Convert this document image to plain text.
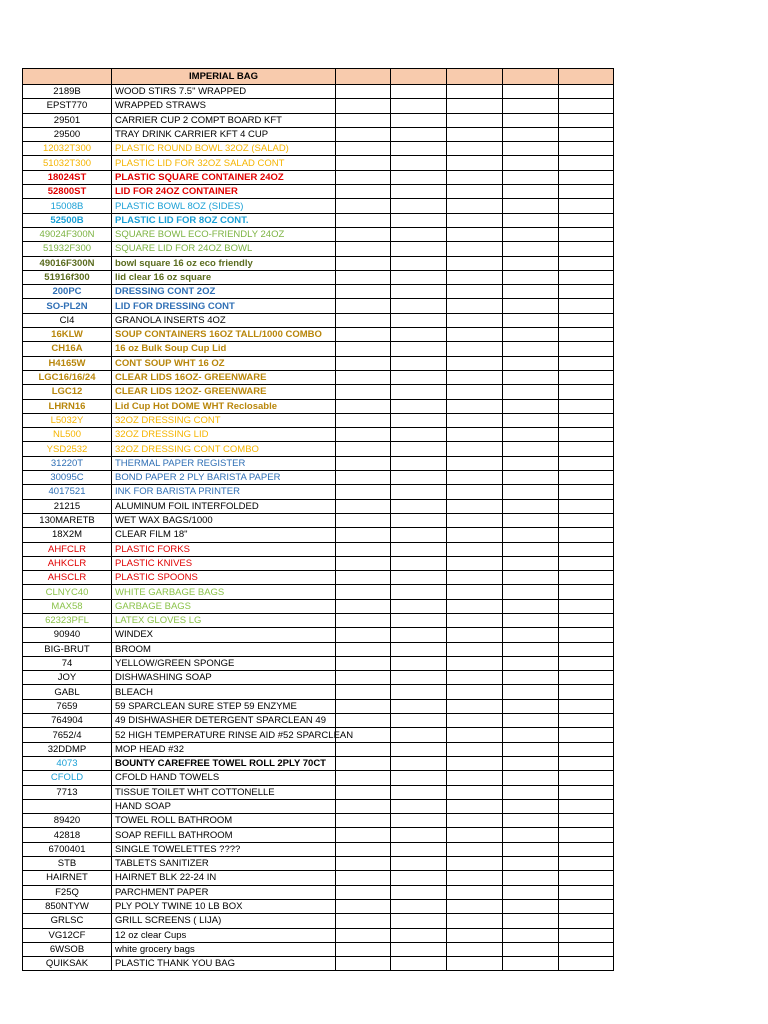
	IMPERIAL BAG					
2189B	WOOD STIRS 7.5" WRAPPED					
EPST770	WRAPPED STRAWS					
29501	CARRIER CUP 2 COMPT BOARD KFT					
29500	TRAY DRINK CARRIER KFT 4 CUP					
12032T300	PLASTIC ROUND BOWL 32OZ (SALAD)					
51032T300	PLASTIC LID FOR 32OZ SALAD CONT					
18024ST	PLASTIC SQUARE CONTAINER 24OZ					
52800ST	LID FOR 24OZ CONTAINER					
15008B	PLASTIC BOWL 8OZ (SIDES)					
52500B	PLASTIC LID FOR 8OZ CONT.					
49024F300N	SQUARE BOWL ECO-FRIENDLY 24OZ					
51932F300	SQUARE LID FOR 24OZ BOWL					
49016F300N	bowl square 16 oz eco friendly					
51916f300	lid clear 16 oz square					
200PC	DRESSING CONT 2OZ					
SO-PL2N	LID FOR DRESSING CONT					
CI4	GRANOLA INSERTS 4OZ					
16KLW	SOUP CONTAINERS 16OZ TALL/1000 COMBO					
CH16A	16 oz Bulk Soup Cup Lid					
H4165W	CONT SOUP WHT 16 OZ					
LGC16/16/24	CLEAR LIDS 16OZ- GREENWARE					
LGC12	CLEAR LIDS 12OZ- GREENWARE					
LHRN16	Lid Cup Hot DOME WHT Reclosable					
L5032Y	32OZ DRESSING CONT					
NL500	32OZ DRESSING LID					
YSD2532	32OZ DRESSING CONT COMBO					
31220T	THERMAL PAPER REGISTER					
30095C	BOND PAPER 2 PLY BARISTA PAPER					
4017521	INK FOR BARISTA PRINTER					
21215	ALUMINUM FOIL INTERFOLDED					
130MARETB	WET WAX BAGS/1000					
18X2M	CLEAR FILM 18"					
AHFCLR	PLASTIC FORKS					
AHKCLR	PLASTIC KNIVES					
AHSCLR	PLASTIC SPOONS					
CLNYC40	WHITE GARBAGE BAGS					
MAX58	GARBAGE BAGS					
62323PFL	LATEX GLOVES LG					
90940	WINDEX					
BIG-BRUT	BROOM					
74	YELLOW/GREEN SPONGE					
JOY	DISHWASHING SOAP					
GABL	BLEACH					
7659	59 SPARCLEAN SURE STEP 59 ENZYME					
764904	49 DISHWASHER DETERGENT SPARCLEAN 49					
7652/4	52 HIGH TEMPERATURE RINSE AID #52 SPARCLEAN					
32DDMP	MOP HEAD #32					
4073	BOUNTY CAREFREE TOWEL ROLL 2PLY 70CT					
CFOLD	CFOLD HAND TOWELS					
7713	TISSUE TOILET WHT COTTONELLE					
	HAND SOAP					
89420	TOWEL ROLL BATHROOM					
42818	SOAP REFILL BATHROOM					
6700401	SINGLE TOWELETTES ????					
STB	TABLETS SANITIZER					
HAIRNET	HAIRNET BLK 22-24 IN					
F25Q	PARCHMENT PAPER					
850NTYW	PLY POLY TWINE 10 LB BOX					
GRLSC	GRILL SCREENS ( LIJA)					
VG12CF	12 oz clear Cups					
6WSOB	white grocery bags					
QUIKSAK	PLASTIC THANK YOU BAG					
